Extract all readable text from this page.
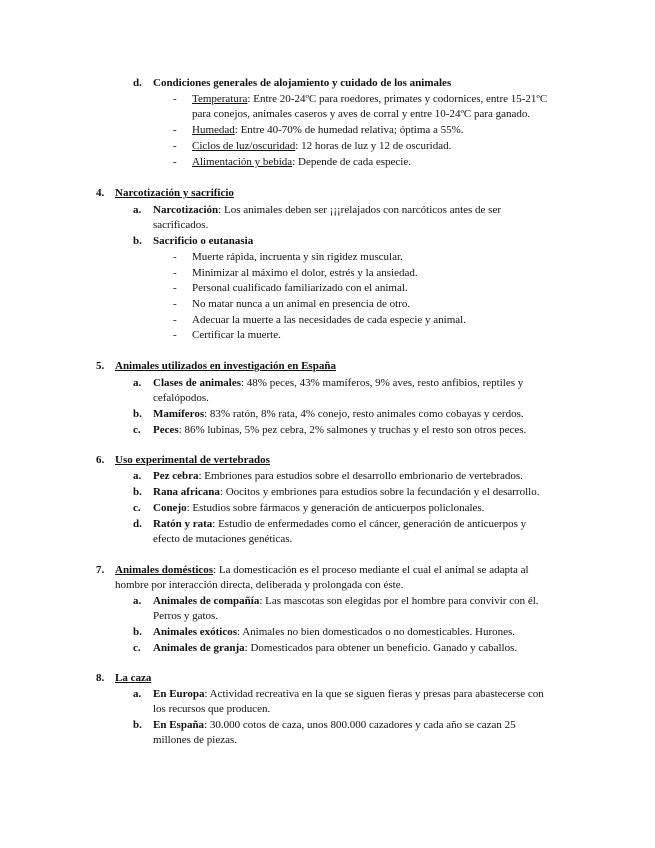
d. Condiciones generales de alojamiento y cuidado de los animales
- Temperatura: Entre 20-24ºC para roedores, primates y codornices, entre 15-21ºC
para conejos, animales caseros y aves de corral y entre 10-24ºC para ganado.
- Humedad: Entre 40-70% de humedad relativa; óptima a 55%.
- Ciclos de luz/oscuridad: 12 horas de luz y 12 de oscuridad.
- Alimentación y bebida: Depende de cada especie.
4. Narcotización y sacrificio
a. Narcotización: Los animales deben ser ¡¡¡relajados con narcóticos antes de ser
sacrificados.
b. Sacrificio o eutanasia
- Muerte rápida, incruenta y sin rigidez muscular.
- Minimizar al máximo el dolor, estrés y la ansiedad.
- Personal cualificado familiarizado con el animal.
- No matar nunca a un animal en presencia de otro.
- Adecuar la muerte a las necesidades de cada especie y animal.
- Certificar la muerte.
5. Animales utilizados en investigación en España
a. Clases de animales: 48% peces, 43% mamíferos, 9% aves, resto anfibios, reptiles y
cefalópodos.
b. Mamíferos: 83% ratón, 8% rata, 4% conejo, resto animales como cobayas y cerdos.
c. Peces: 86% lubinas, 5% pez cebra, 2% salmones y truchas y el resto son otros peces.
6. Uso experimental de vertebrados
a. Pez cebra: Embriones para estudios sobre el desarrollo embrionario de vertebrados.
b. Rana africana: Oocitos y embriones para estudios sobre la fecundación y el desarrollo.
c. Conejo: Estudios sobre fármacos y generación de anticuerpos policlonales.
d. Ratón y rata: Estudio de enfermedades como el cáncer, generación de anticuerpos y
efecto de mutaciones genéticas.
7. Animales domésticos: La domesticación es el proceso mediante el cual el animal se adapta al
hombre por interacción directa, deliberada y prolongada con éste.
a. Animales de compañía: Las mascotas son elegidas por el hombre para convivir con él.
Perros y gatos.
b. Animales exóticos: Animales no bien domesticados o no domesticables. Hurones.
c. Animales de granja: Domesticados para obtener un beneficio. Ganado y caballos.
8. La caza
a. En Europa: Actividad recreativa en la que se siguen fieras y presas para abastecerse con
los recursos que producen.
b. En España: 30.000 cotos de caza, unos 800.000 cazadores y cada año se cazan 25
millones de piezas.
